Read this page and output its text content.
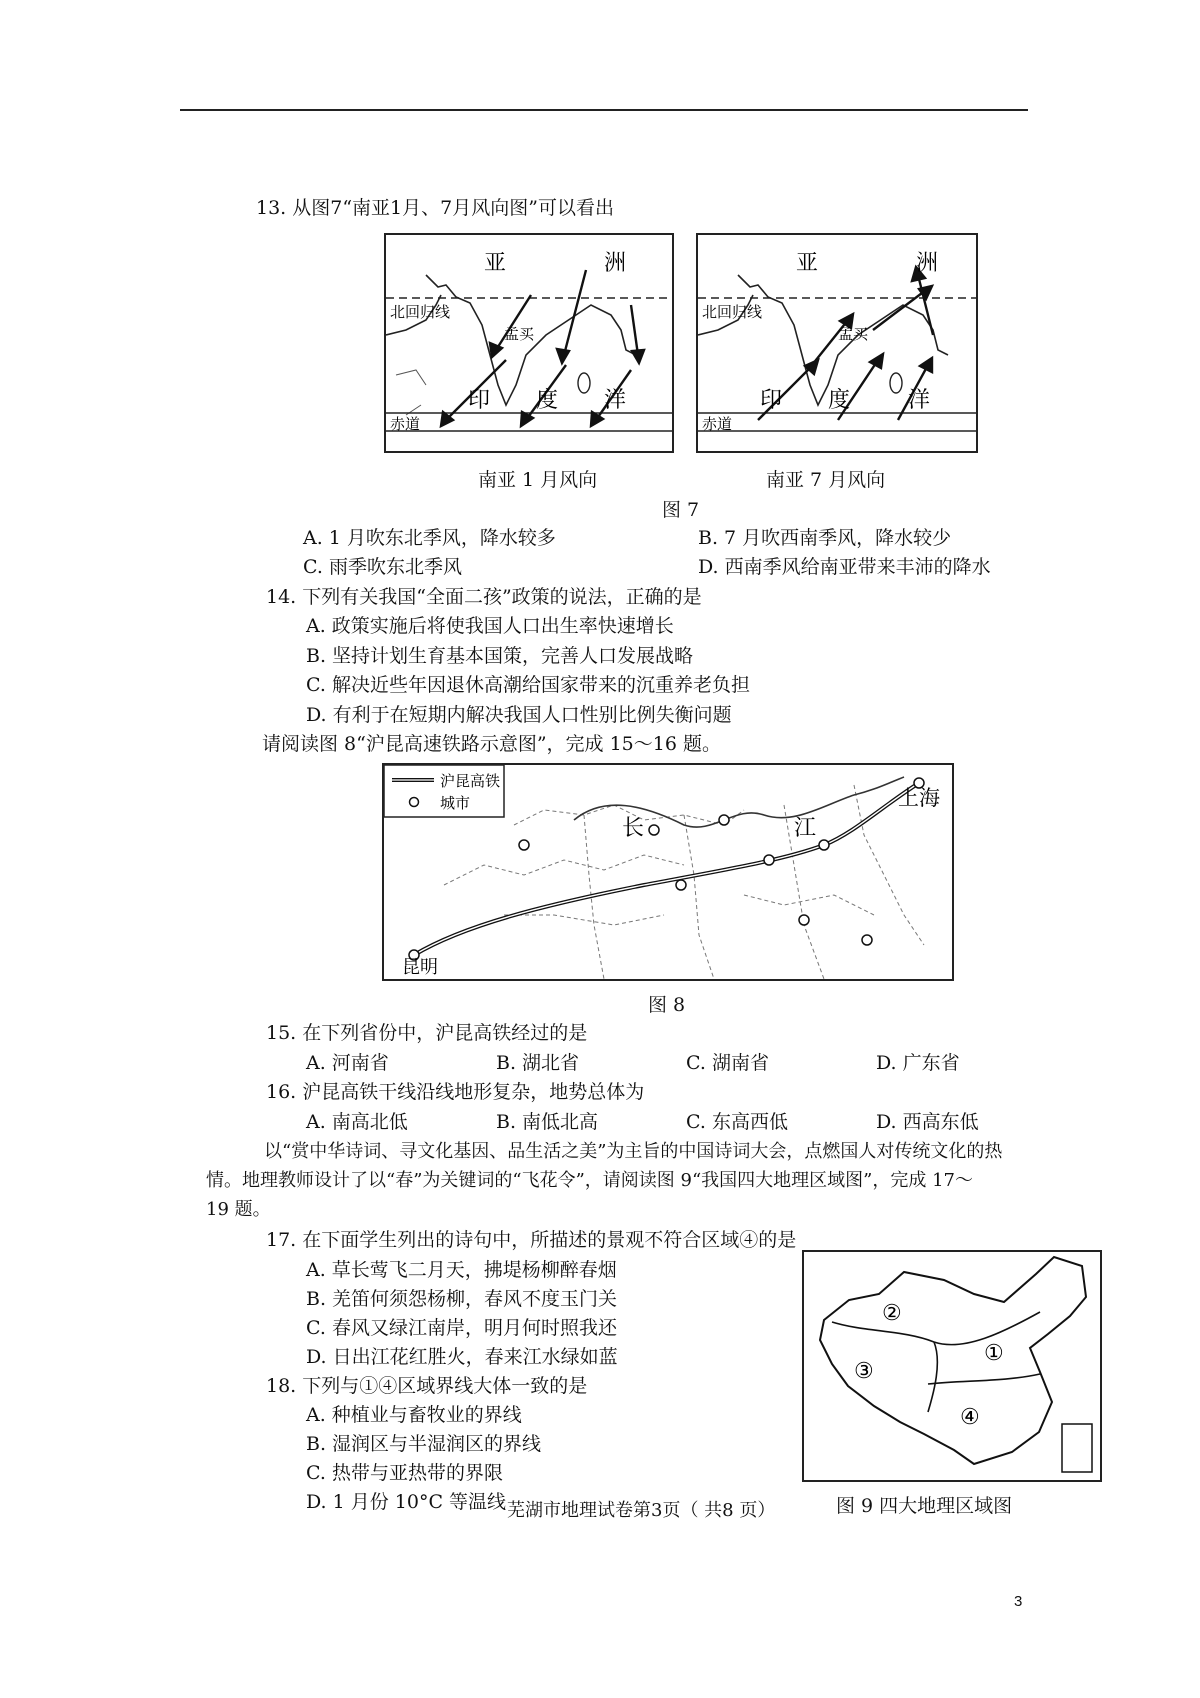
13. 从图7“南亚1月、7月风向图”可以看出
亚	洲
北回归线
孟买
印 度 洋
赤道
南亚 1 月风向
亚	洲
北回归线
孟买
印 度	洋
赤道
南亚 7 月风向
图 7
A. 1 月吹东北季风，降水较多	B. 7 月吹西南季风，降水较少
C. 雨季吹东北季风	D. 西南季风给南亚带来丰沛的降水
14. 下列有关我国“全面二孩”政策的说法，正确的是
A. 政策实施后将使我国人口出生率快速增长
B. 坚持计划生育基本国策，完善人口发展战略
C. 解决近些年因退休高潮给国家带来的沉重养老负担
D. 有利于在短期内解决我国人口性别比例失衡问题
请阅读图 8“沪昆高速铁路示意图”，完成 15～16 题。
沪昆高铁
城市
长	江
上海
昆明
图 8
15. 在下列省份中，沪昆高铁经过的是
A. 河南省	B. 湖北省	C. 湖南省	D. 广东省
16. 沪昆高铁干线沿线地形复杂，地势总体为
A. 南高北低	B. 南低北高	C. 东高西低	D. 西高东低
以“赏中华诗词、寻文化基因、品生活之美”为主旨的中国诗词大会，点燃国人对传统文化的热
情。地理教师设计了以“春”为关键词的“飞花令”，请阅读图 9“我国四大地理区域图”，完成 17～
19 题。
17. 在下面学生列出的诗句中，所描述的景观不符合区域④的是
A. 草长莺飞二月天，拂堤杨柳醉春烟
B. 羌笛何须怨杨柳，春风不度玉门关
C. 春风又绿江南岸，明月何时照我还
D. 日出江花红胜火，春来江水绿如蓝
18. 下列与①④区域界线大体一致的是
A. 种植业与畜牧业的界线
B. 湿润区与半湿润区的界线
C. 热带与亚热带的界限
D. 1 月份 10°C 等温线
②
①
③
④
图 9 四大地理区域图
芜湖市地理试卷第3页（ 共8 页）
3
